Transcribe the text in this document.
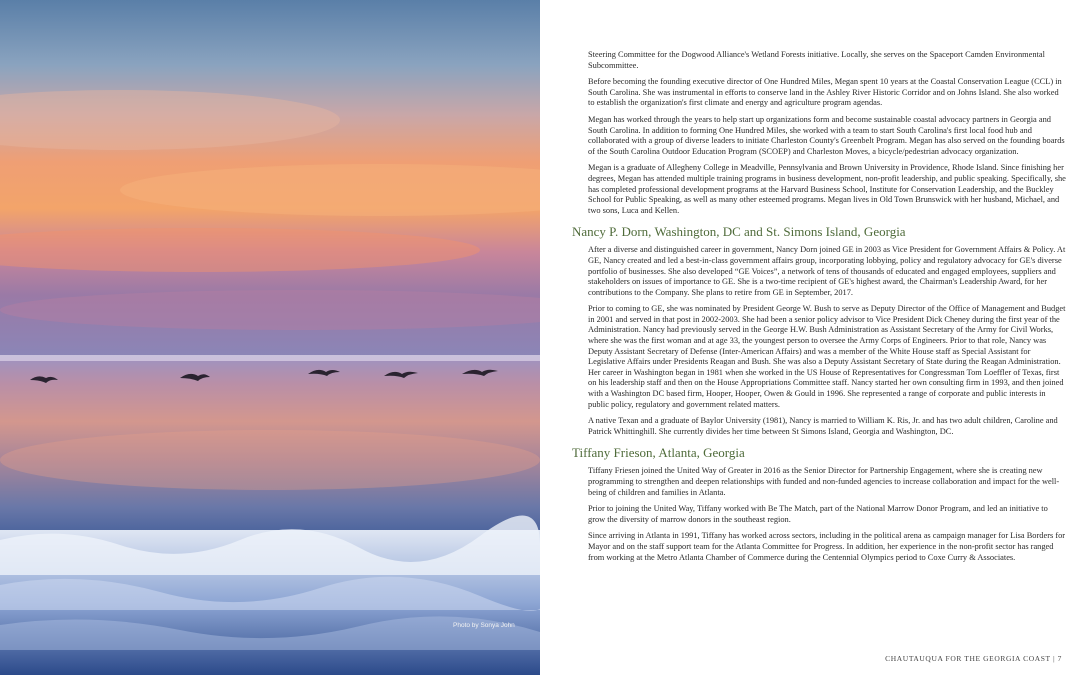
Photo by Sonya John

Steering Committee for the Dogwood Alliance's Wetland Forests initiative. Locally, she serves on the Spaceport Camden Environmental Subcommittee.

Before becoming the founding executive director of One Hundred Miles, Megan spent 10 years at the Coastal Conservation League (CCL) in South Carolina. She was instrumental in efforts to conserve land in the Ashley River Historic Corridor and on Johns Island. She also worked to establish the organization's first climate and energy and agriculture program agendas.

Megan has worked through the years to help start up organizations form and become sustainable coastal advocacy partners in Georgia and South Carolina. In addition to forming One Hundred Miles, she worked with a team to start South Carolina's first local food hub and collaborated with a group of diverse leaders to initiate Charleston County's Greenbelt Program. Megan has also served on the founding boards of the South Carolina Outdoor Education Program (SCOEP) and Charleston Moves, a bicycle/pedestrian advocacy organization.

Megan is a graduate of Allegheny College in Meadville, Pennsylvania and Brown University in Providence, Rhode Island. Since finishing her degrees, Megan has attended multiple training programs in business development, non-profit leadership, and public speaking. Specifically, she has completed professional development programs at the Harvard Business School, Institute for Conservation Leadership, and the Buckley School for Public Speaking, as well as many other esteemed programs. Megan lives in Old Town Brunswick with her husband, Michael, and two sons, Luca and Kellen.

Nancy P. Dorn, Washington, DC and St. Simons Island, Georgia

After a diverse and distinguished career in government, Nancy Dorn joined GE in 2003 as Vice President for Government Affairs & Policy. At GE, Nancy created and led a best-in-class government affairs group, incorporating lobbying, policy and regulatory advocacy for GE's diverse portfolio of businesses. She also developed “GE Voices”, a network of tens of thousands of educated and engaged employees, suppliers and stakeholders on issues of importance to GE. She is a two-time recipient of GE's highest award, the Chairman's Leadership Award, for her contributions to the Company. She plans to retire from GE in September, 2017.

Prior to coming to GE, she was nominated by President George W. Bush to serve as Deputy Director of the Office of Management and Budget in 2001 and served in that post in 2002-2003. She had been a senior policy advisor to Vice President Dick Cheney during the first year of the Administration. Nancy had previously served in the George H.W. Bush Administration as Assistant Secretary of the Army for Civil Works, where she was the first woman and at age 33, the youngest person to oversee the Army Corps of Engineers. Prior to that role, Nancy was Deputy Assistant Secretary of Defense (Inter-American Affairs) and was a member of the White House staff as Special Assistant for Legislative Affairs under Presidents Reagan and Bush. She was also a Deputy Assistant Secretary of State during the Reagan Administration. Her career in Washington began in 1981 when she worked in the US House of Representatives for Congressman Tom Loeffler of Texas, first on his leadership staff and then on the House Appropriations Committee staff. Nancy started her own consulting firm in 1993, and then joined with a Washington DC based firm, Hooper, Hooper, Owen & Gould in 1996. She represented a range of corporate and public interests in public policy, regulatory and government related matters.

A native Texan and a graduate of Baylor University (1981), Nancy is married to William K. Ris, Jr. and has two adult children, Caroline and Patrick Whittinghill. She currently divides her time between St Simons Island, Georgia and Washington, DC.

Tiffany Frieson, Atlanta, Georgia

Tiffany Friesen joined the United Way of Greater in 2016 as the Senior Director for Partnership Engagement, where she is creating new programming to strengthen and deepen relationships with funded and non-funded agencies to increase collaboration and impact for the well-being of children and families in Atlanta.

Prior to joining the United Way, Tiffany worked with Be The Match, part of the National Marrow Donor Program, and led an initiative to grow the diversity of marrow donors in the southeast region.

Since arriving in Atlanta in 1991, Tiffany has worked across sectors, including in the political arena as campaign manager for Lisa Borders for Mayor and on the staff support team for the Atlanta Committee for Progress. In addition, her experience in the non-profit sector has ranged from working at the Metro Atlanta Chamber of Commerce during the Centennial Olympics period to Coxe Curry & Associates.

CHAUTAUQUA FOR THE GEORGIA COAST | 7
